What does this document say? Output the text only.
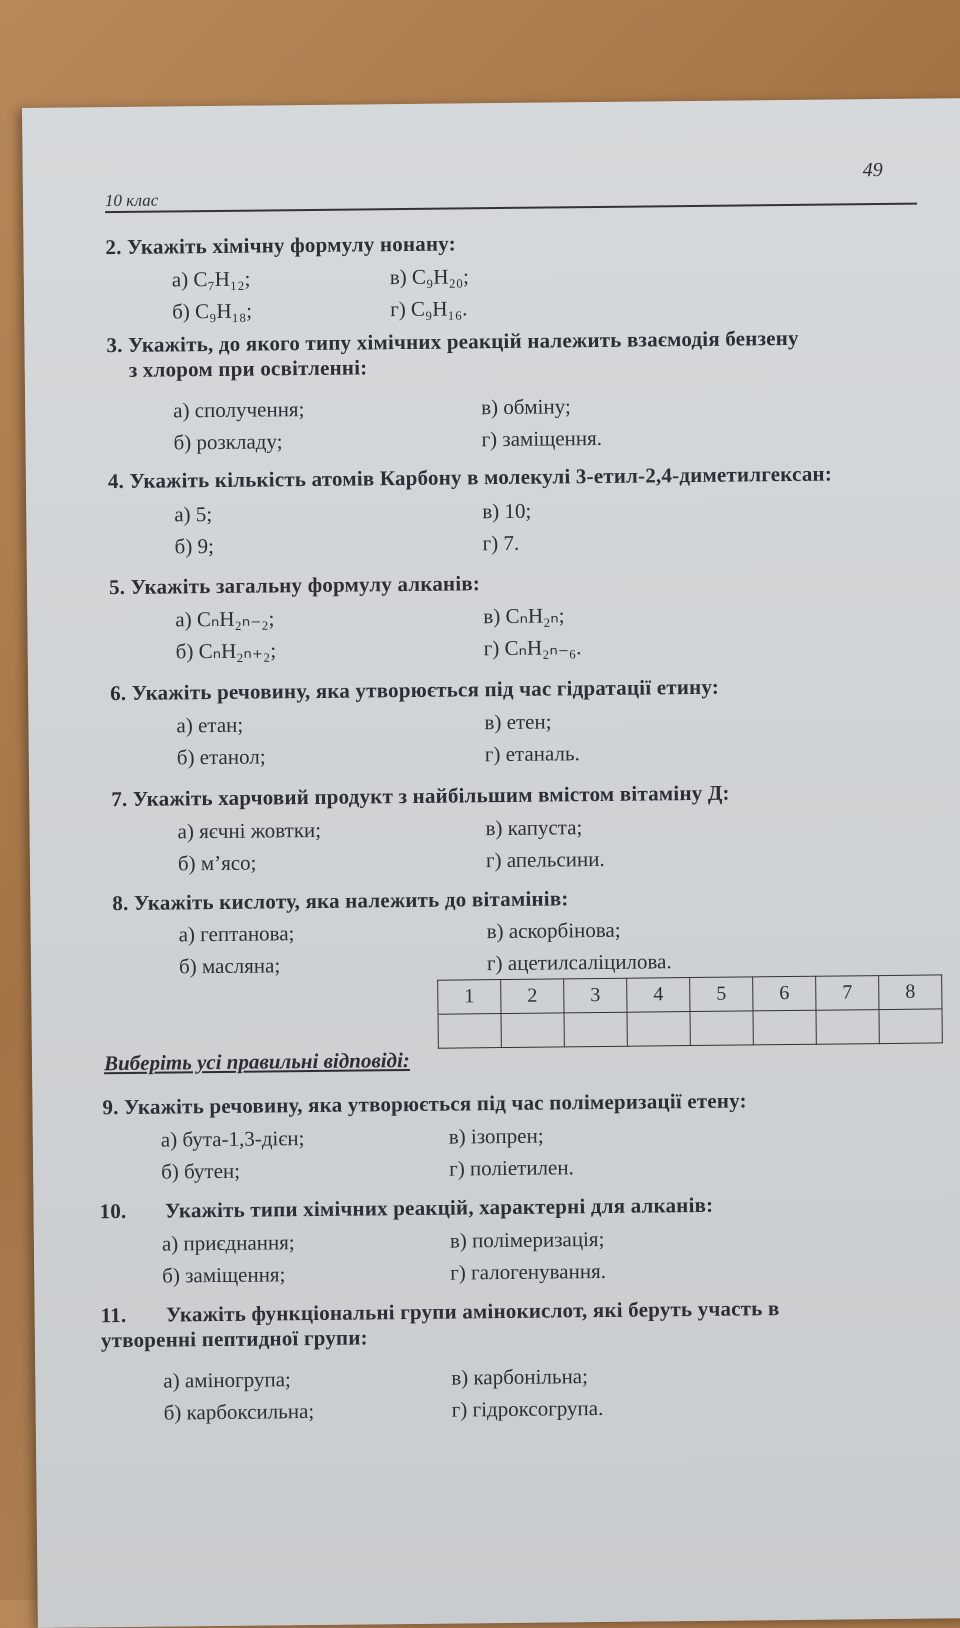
49
10 клас
2. Укажіть хімічну формулу нонану:
а) C₇H₁₂;
б) C₉H₁₈;
в) C₉H₂₀;
г) C₉H₁₆.
3. Укажіть, до якого типу хімічних реакцій належить взаємодія бензену
з хлором при освітленні:
а) сполучення;
б) розкладу;
в) обміну;
г) заміщення.
4. Укажіть кількість атомів Карбону в молекулі 3-етил-2,4-диметилгексан:
а) 5;
б) 9;
в) 10;
г) 7.
5. Укажіть загальну формулу алканів:
а) CₙH₂ₙ₋₂;
б) CₙH₂ₙ₊₂;
в) CₙH₂ₙ;
г) CₙH₂ₙ₋₆.
6. Укажіть речовину, яка утворюється під час гідратації етину:
а) етан;
б) етанол;
в) етен;
г) етаналь.
7. Укажіть харчовий продукт з найбільшим вмістом вітаміну Д:
а) яєчні жовтки;
б) м’ясо;
в) капуста;
г) апельсини.
8. Укажіть кислоту, яка належить до вітамінів:
а) гептанова;
б) масляна;
в) аскорбінова;
г) ацетилсаліцилова.
1	2	3	4	5	6	7	8

Виберіть усі правильні відповіді:
9. Укажіть речовину, яка утворюється під час полімеризації етену:
а) бута-1,3-дієн;
б) бутен;
в) ізопрен;
г) поліетилен.
10. Укажіть типи хімічних реакцій, характерні для алканів:
а) приєднання;
б) заміщення;
в) полімеризація;
г) галогенування.
11. Укажіть функціональні групи амінокислот, які беруть участь в
утворенні пептидної групи:
а) аміногрупа;
б) карбоксильна;
в) карбонільна;
г) гідроксогрупа.
